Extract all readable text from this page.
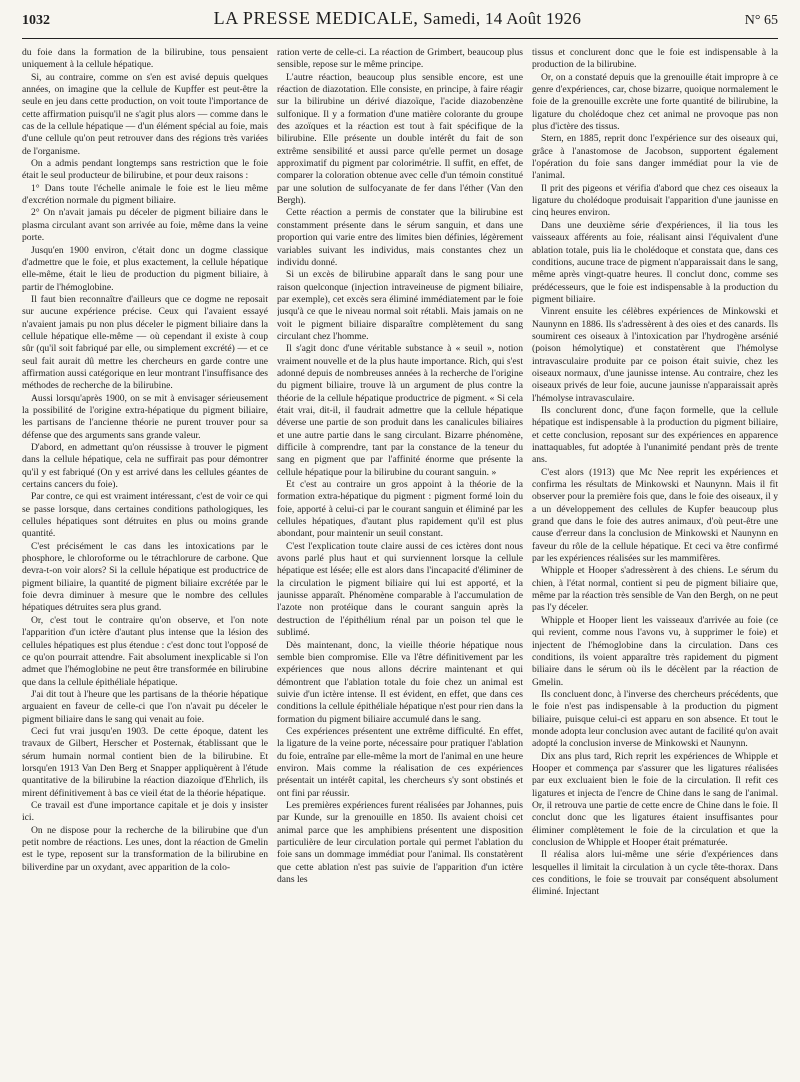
1032	LA PRESSE MEDICALE, Samedi, 14 Août 1926	N° 65

du foie dans la formation de la bilirubine, tous pensaient uniquement à la cellule hépatique.

Si, au contraire, comme on s'en est avisé depuis quelques années, on imagine que la cellule de Kupffer est peut-être la seule en jeu dans cette production, on voit toute l'importance de cette affirmation puisqu'il ne s'agit plus alors — comme dans le cas de la cellule hépatique — d'un élément spécial au foie, mais d'une cellule qu'on peut retrouver dans des régions très variées de l'organisme.

On a admis pendant longtemps sans restriction que le foie était le seul producteur de bilirubine, et pour deux raisons :

1° Dans toute l'échelle animale le foie est le lieu même d'excrétion normale du pigment biliaire.

2° On n'avait jamais pu déceler de pigment biliaire dans le plasma circulant avant son arrivée au foie, même dans la veine porte.

Jusqu'en 1900 environ, c'était donc un dogme classique d'admettre que le foie, et plus exactement, la cellule hépatique elle-même, était le lieu de production du pigment biliaire, à partir de l'hémoglobine.

Il faut bien reconnaître d'ailleurs que ce dogme ne reposait sur aucune expérience précise. Ceux qui l'avaient essayé n'avaient jamais pu non plus déceler le pigment biliaire dans la cellule hépatique elle-même — où cependant il existe à coup sûr (qu'il soit fabriqué par elle, ou simplement excrété) — et ce seul fait aurait dû mettre les chercheurs en garde contre une affirmation aussi catégorique en leur montrant l'insuffisance des méthodes de recherche de la bilirubine.

Aussi lorsqu'après 1900, on se mit à envisager sérieusement la possibilité de l'origine extra-hépatique du pigment biliaire, les partisans de l'ancienne théorie ne purent trouver pour sa défense que des arguments sans grande valeur.

D'abord, en admettant qu'on réussisse à trouver le pigment dans la cellule hépatique, cela ne suffirait pas pour démontrer qu'il y est fabriqué (On y est arrivé dans les cellules géantes de certains cancers du foie).

Par contre, ce qui est vraiment intéressant, c'est de voir ce qui se passe lorsque, dans certaines conditions pathologiques, les cellules hépatiques sont détruites en plus ou moins grande quantité.

C'est précisément le cas dans les intoxications par le phosphore, le chloroforme ou le tétrachlorure de carbone. Que devra-t-on voir alors? Si la cellule hépatique est productrice de pigment biliaire, la quantité de pigment biliaire excrétée par le foie devra diminuer à mesure que le nombre des cellules hépatiques détruites sera plus grand.

Or, c'est tout le contraire qu'on observe, et l'on note l'apparition d'un ictère d'autant plus intense que la lésion des cellules hépatiques est plus étendue : c'est donc tout l'opposé de ce qu'on pourrait attendre. Fait absolument inexplicable si l'on admet que l'hémoglobine ne peut être transformée en bilirubine que dans la cellule épithéliale hépatique.

J'ai dit tout à l'heure que les partisans de la théorie hépatique arguaient en faveur de celle-ci que l'on n'avait pu déceler le pigment biliaire dans le sang qui venait au foie.

Ceci fut vrai jusqu'en 1903. De cette époque, datent les travaux de Gilbert, Herscher et Posternak, établissant que le sérum humain normal contient bien de la bilirubine. Et lorsqu'en 1913 Van Den Berg et Snapper appliquèrent à l'étude quantitative de la bilirubine la réaction diazoïque d'Ehrlich, ils mirent définitivement à bas ce vieil état de la théorie hépatique.

Ce travail est d'une importance capitale et je dois y insister ici.

On ne dispose pour la recherche de la bilirubine que d'un petit nombre de réactions. Les unes, dont la réaction de Gmelin est le type, reposent sur la transformation de la bilirubine en biliverdine par un oxydant, avec apparition de la colo-

ration verte de celle-ci. La réaction de Grimbert, beaucoup plus sensible, repose sur le même principe.

L'autre réaction, beaucoup plus sensible encore, est une réaction de diazotation. Elle consiste, en principe, à faire réagir sur la bilirubine un dérivé diazoïque, l'acide diazobenzène sulfonique. Il y a formation d'une matière colorante du groupe des azoïques et la réaction est tout à fait spécifique de la bilirubine. Elle présente un double intérêt du fait de son extrême sensibilité et aussi parce qu'elle permet un dosage approximatif du pigment par colorimétrie. Il suffit, en effet, de comparer la coloration obtenue avec celle d'un témoin constitué par une solution de sulfocyanate de fer dans l'éther (Van den Bergh).

Cette réaction a permis de constater que la bilirubine est constamment présente dans le sérum sanguin, et dans une proportion qui varie entre des limites bien définies, légèrement variables suivant les individus, mais constantes chez un individu donné.

Si un excès de bilirubine apparaît dans le sang pour une raison quelconque (injection intraveineuse de pigment biliaire, par exemple), cet excès sera éliminé immédiatement par le foie jusqu'à ce que le niveau normal soit rétabli. Mais jamais on ne voit le pigment biliaire disparaître complètement du sang circulant chez l'homme.

Il s'agit donc d'une véritable substance à « seuil », notion vraiment nouvelle et de la plus haute importance. Rich, qui s'est adonné depuis de nombreuses années à la recherche de l'origine du pigment biliaire, trouve là un argument de plus contre la théorie de la cellule hépatique productrice de pigment. « Si cela était vrai, dit-il, il faudrait admettre que la cellule hépatique déverse une partie de son produit dans les canalicules biliaires et une autre partie dans le sang circulant. Bizarre phénomène, difficile à comprendre, tant par la constance de la teneur du sang en pigment que par l'affinité énorme que présente la cellule hépatique pour la bilirubine du courant sanguin. »

Et c'est au contraire un gros appoint à la théorie de la formation extra-hépatique du pigment : pigment formé loin du foie, apporté à celui-ci par le courant sanguin et éliminé par les cellules hépatiques, d'autant plus rapidement qu'il est plus abondant, pour maintenir un seuil constant.

C'est l'explication toute claire aussi de ces ictères dont nous avons parlé plus haut et qui surviennent lorsque la cellule hépatique est lésée; elle est alors dans l'incapacité d'éliminer de la circulation le pigment biliaire qui lui est apporté, et la jaunisse apparaît. Phénomène comparable à l'accumulation de l'azote non protéique dans le courant sanguin après la destruction de l'épithélium rénal par un poison tel que le sublimé.

Dès maintenant, donc, la vieille théorie hépatique nous semble bien compromise. Elle va l'être définitivement par les expériences que nous allons décrire maintenant et qui démontrent que l'ablation totale du foie chez un animal est suivie d'un ictère intense. Il est évident, en effet, que dans ces conditions la cellule épithéliale hépatique n'est pour rien dans la formation du pigment biliaire accumulé dans le sang.

Ces expériences présentent une extrême difficulté. En effet, la ligature de la veine porte, nécessaire pour pratiquer l'ablation du foie, entraîne par elle-même la mort de l'animal en une heure environ. Mais comme la réalisation de ces expériences présentait un intérêt capital, les chercheurs s'y sont obstinés et ont fini par réussir.

Les premières expériences furent réalisées par Johannes, puis par Kunde, sur la grenouille en 1850. Ils avaient choisi cet animal parce que les amphibiens présentent une disposition particulière de leur circulation portale qui permet l'ablation du foie sans un dommage immédiat pour l'animal. Ils constatèrent que cette ablation n'est pas suivie de l'apparition d'un ictère dans les

tissus et conclurent donc que le foie est indispensable à la production de la bilirubine.

Or, on a constaté depuis que la grenouille était impropre à ce genre d'expériences, car, chose bizarre, quoique normalement le foie de la grenouille excrète une forte quantité de bilirubine, la ligature du cholédoque chez cet animal ne provoque pas non plus d'ictère des tissus.

Stern, en 1885, reprit donc l'expérience sur des oiseaux qui, grâce à l'anastomose de Jacobson, supportent également l'opération du foie sans danger immédiat pour la vie de l'animal.

Il prit des pigeons et vérifia d'abord que chez ces oiseaux la ligature du cholédoque produisait l'apparition d'une jaunisse en cinq heures environ.

Dans une deuxième série d'expériences, il lia tous les vaisseaux afférents au foie, réalisant ainsi l'équivalent d'une ablation totale, puis lia le cholédoque et constata que, dans ces conditions, aucune trace de pigment n'apparaissait dans le sang, même après vingt-quatre heures. Il conclut donc, comme ses prédécesseurs, que le foie est indispensable à la production du pigment biliaire.

Vinrent ensuite les célèbres expériences de Minkowski et Naunynn en 1886. Ils s'adressèrent à des oies et des canards. Ils soumirent ces oiseaux à l'intoxication par l'hydrogène arsénié (poison hémolytique) et constatèrent que l'hémolyse intravasculaire produite par ce poison était suivie, chez les oiseaux normaux, d'une jaunisse intense. Au contraire, chez les oiseaux privés de leur foie, aucune jaunisse n'apparaissait après l'hémolyse intravasculaire.

Ils conclurent donc, d'une façon formelle, que la cellule hépatique est indispensable à la production du pigment biliaire, et cette conclusion, reposant sur des expériences en apparence inattaquables, fut adoptée à l'unanimité pendant près de trente ans.

C'est alors (1913) que Mc Nee reprit les expériences et confirma les résultats de Minkowski et Naunynn. Mais il fit observer pour la première fois que, dans le foie des oiseaux, il y a un développement des cellules de Kupfer beaucoup plus grand que dans le foie des autres animaux, d'où peut-être une cause d'erreur dans la conclusion de Minkowski et Naunynn en faveur du rôle de la cellule hépatique. Et ceci va être confirmé par les expériences réalisées sur les mammifères.

Whipple et Hooper s'adressèrent à des chiens. Le sérum du chien, à l'état normal, contient si peu de pigment biliaire que, même par la réaction très sensible de Van den Bergh, on ne peut pas l'y déceler.

Whipple et Hooper lient les vaisseaux d'arrivée au foie (ce qui revient, comme nous l'avons vu, à supprimer le foie) et injectent de l'hémoglobine dans la circulation. Dans ces conditions, ils voient apparaître très rapidement du pigment biliaire dans le sérum où ils le décèlent par la réaction de Gmelin.

Ils concluent donc, à l'inverse des chercheurs précédents, que le foie n'est pas indispensable à la production du pigment biliaire, puisque celui-ci est apparu en son absence. Et tout le monde adopta leur conclusion avec autant de facilité qu'on avait adopté la conclusion inverse de Minkowski et Naunynn.

Dix ans plus tard, Rich reprit les expériences de Whipple et Hooper et commença par s'assurer que les ligatures réalisées par eux excluaient bien le foie de la circulation. Il refit ces ligatures et injecta de l'encre de Chine dans le sang de l'animal. Or, il retrouva une partie de cette encre de Chine dans le foie. Il conclut donc que les ligatures étaient insuffisantes pour éliminer complètement le foie de la circulation et que la conclusion de Whipple et Hooper était prématurée.

Il réalisa alors lui-même une série d'expériences dans lesquelles il limitait la circulation à un cycle tête-thorax. Dans ces conditions, le foie se trouvait par conséquent absolument éliminé. Injectant
